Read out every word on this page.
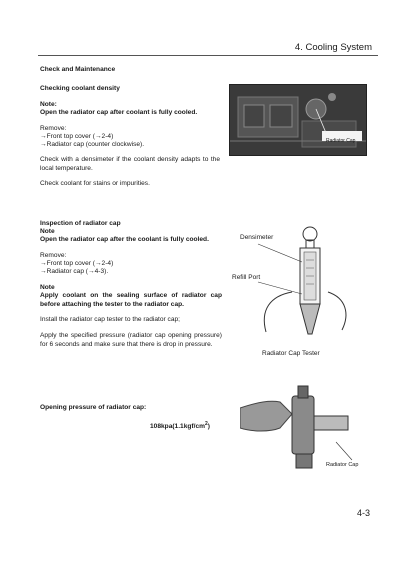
4. Cooling System
Check and Maintenance
Checking coolant density
Note:
Open the radiator cap after coolant is fully cooled.
Remove:
→Front top cover (→2-4)
→Radiator cap (counter clockwise).
Check with a densimeter if the coolant density adapts to the local temperature.
Check coolant for stains or impurities.
Radiator Cap
Inspection of radiator cap
Note
Open the radiator cap after the coolant is fully cooled.
Remove:
→Front top cover (→2-4)
→Radiator cap (→4-3).
Note
Apply coolant on the sealing surface of radiator cap before attaching the tester to the radiator cap.
Install the radiator cap tester to the radiator cap;
Apply the specified pressure (radiator cap opening pressure) for 6 seconds and make sure that there is drop in pressure.
Densimeter
Refill Port
Radiator Cap Tester
Radiator Cap
Opening pressure of radiator cap:
$108kpa(1.1kgf/cm^2)$
4-3
